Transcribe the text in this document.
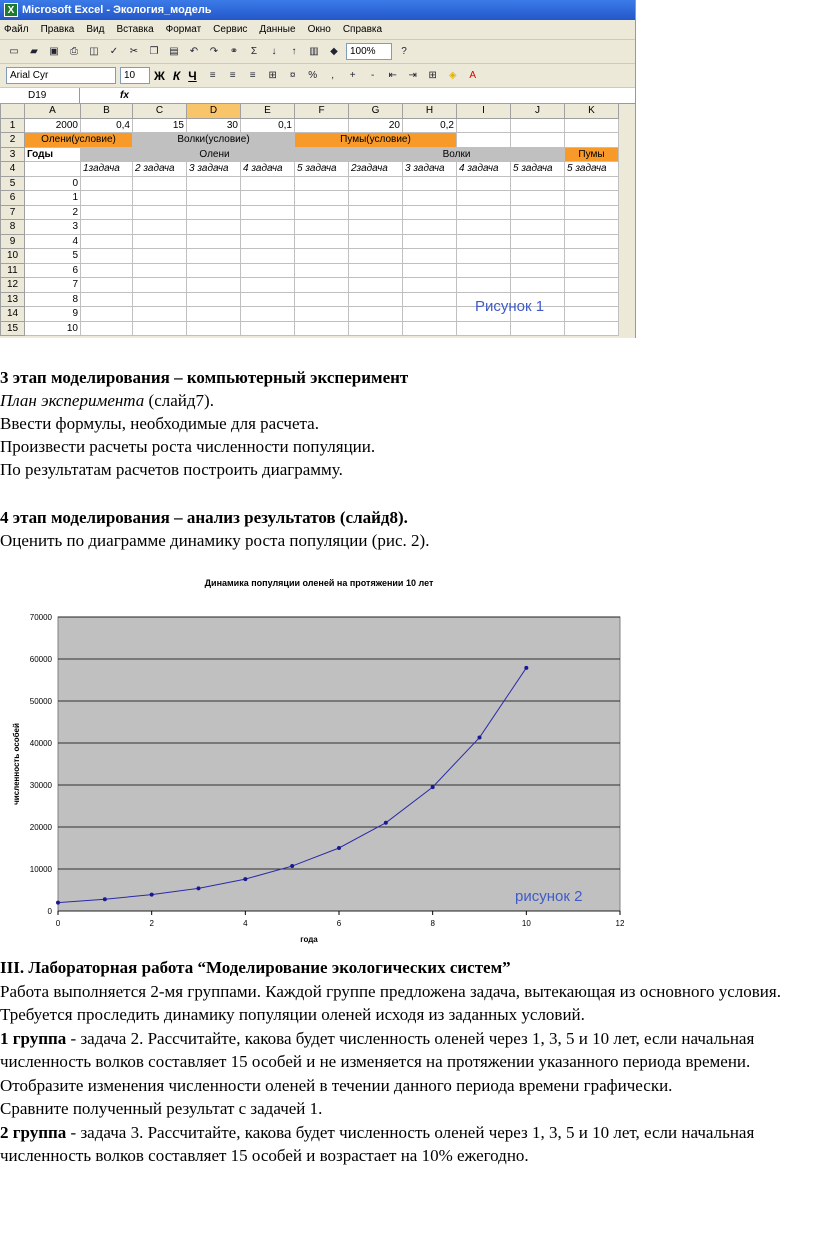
X Microsoft Excel - Экология_модель
Файл Правка Вид Вставка Формат Сервис Данные Окно Справка
▭	▰	▣	⎙	◫	✓	✂	❐	▤	↶	↷	⚭	Σ	↓	↑	▥	◆	100%	?
Arial Cyr	10	Ж К Ч	≡	≡	≡	⊞	¤	%	,	+	-	⇤	⇥	⊞	◈	A
D19	fx
	A	B	C	D	E	F	G	H	I	J	K
1	2000	0,4	15	30	0,1		20	0,2			
2	Олени(условие)		Волки(условие)			Пумы(условие)					
3	Годы	Олени					Волки				Пумы
4		1задача	2 задача	3 задача	4 задача	5 задача	2задача	3 задача	4 задача	5 задача	5 задача
5	0										
6	1										
7	2										
8	3										
9	4										
10	5										
11	6										
12	7										
13	8										
14	9										
15	10										
Рисунок 1
3 этап моделирования – компьютерный эксперимент
План эксперимента (слайд7).
Ввести формулы, необходимые для расчета.
Произвести расчеты роста численности популяции.
По результатам расчетов построить диаграмму.
4 этап моделирования – анализ результатов (слайд8).
Оценить по диаграмме динамику роста популяции (рис. 2).
0
10000
20000
30000
40000
50000
60000
70000
0	2	4	6	8	10	12
Динамика популяции оленей на протяжении 10 лет
года
численность особей
рисунок 2
III. Лабораторная работа “Моделирование экологических систем”
Работа выполняется 2-мя группами. Каждой группе предложена задача, вытекающая из основного условия. Требуется проследить динамику популяции оленей исходя из заданных условий.
1 группа - задача 2. Рассчитайте, какова будет численность оленей через 1, 3, 5 и 10 лет, если начальная численность волков составляет 15 особей и не изменяется на протяжении указанного периода времени.
Отобразите изменения численности оленей в течении данного периода времени графически.
Сравните полученный результат с задачей 1.
2 группа - задача 3. Рассчитайте, какова будет численность оленей через 1, 3, 5 и 10 лет, если начальная численность волков составляет 15 особей и возрастает на 10% ежегодно.
